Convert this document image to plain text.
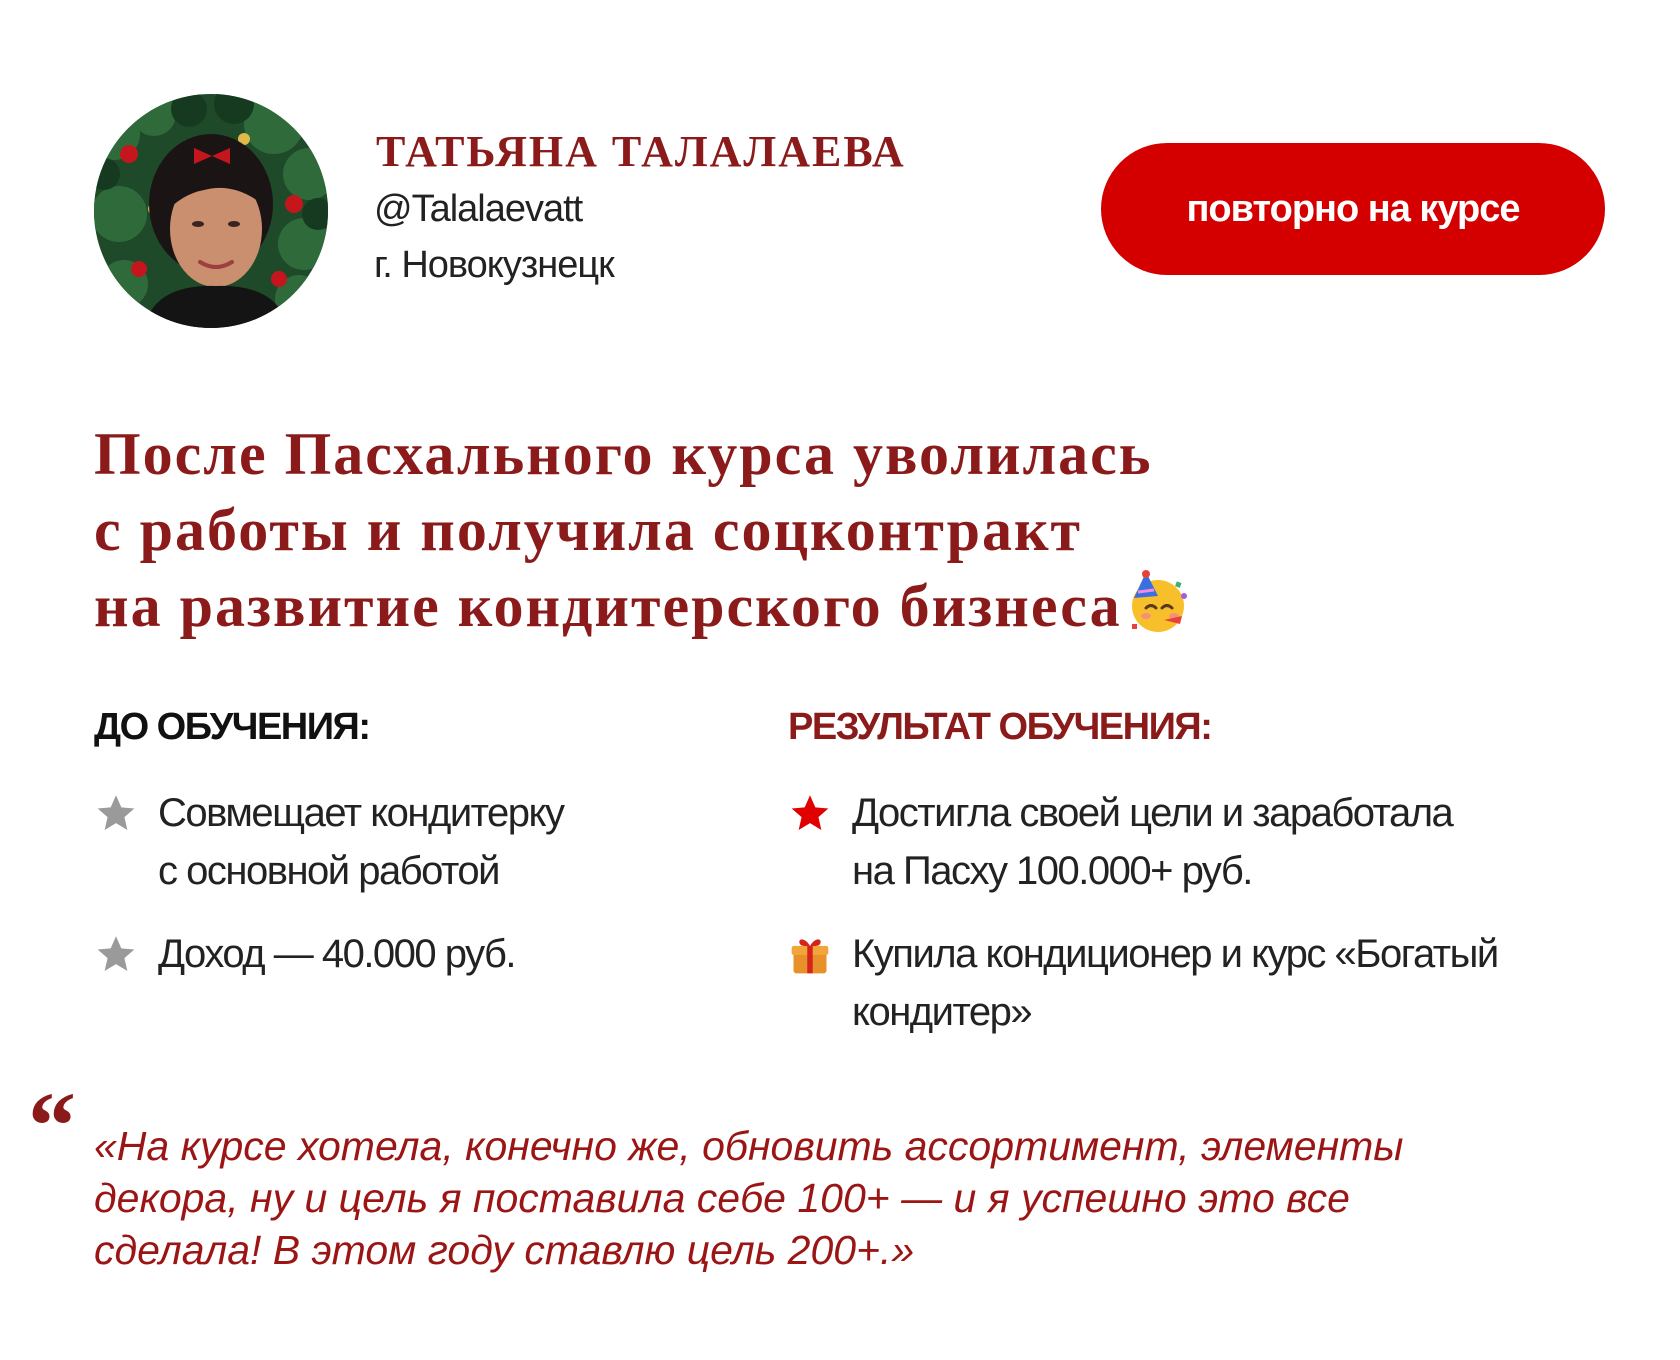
ТАТЬЯНА ТАЛАЛАЕВА
@Talalaevatt
г. Новокузнецк
повторно на курсе
После Пасхального курса уволилась
с работы и получила соцконтракт
на развитие кондитерского бизнеса
ДО ОБУЧЕНИЯ:
Совмещает кондитерку
с основной работой
Доход — 40.000 руб.
РЕЗУЛЬТАТ ОБУЧЕНИЯ:
Достигла своей цели и заработала
на Пасху 100.000+ руб.
Купила кондиционер и курс «Богатый
кондитер»
“ «На курсе хотела, конечно же, обновить ассортимент, элементы
декора, ну и цель я поставила себе 100+ — и я успешно это все
сделала! В этом году ставлю цель 200+.»
